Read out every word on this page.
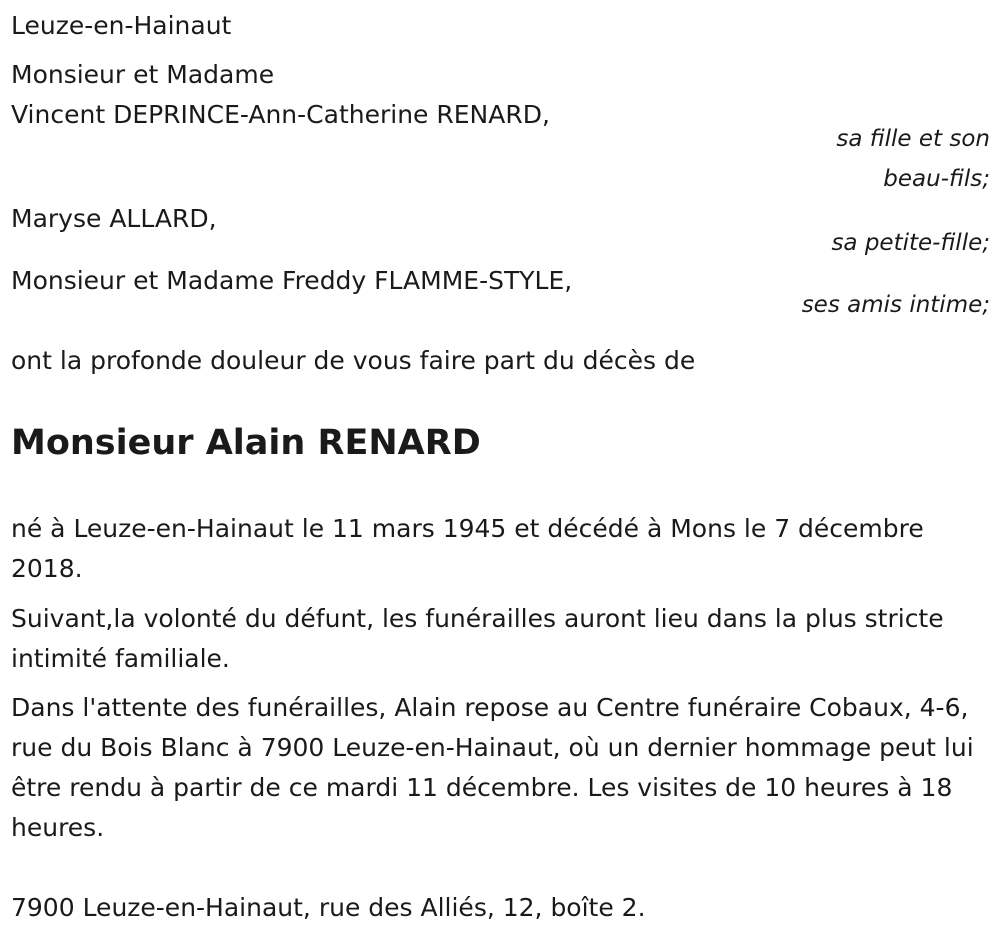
Leuze-en-Hainaut

Monsieur et Madame

Vincent DEPRINCE-Ann-Catherine RENARD,

sa fille et son

beau-fils;

Maryse ALLARD,

sa petite-fille;

Monsieur et Madame Freddy FLAMME-STYLE,

ses amis intime;

ont la profonde douleur de vous faire part du décès de

Monsieur Alain RENARD

né à Leuze-en-Hainaut le 11 mars 1945 et décédé à Mons le 7 décembre 2018.

Suivant,la volonté du défunt, les funérailles auront lieu dans la plus stricte intimité familiale.

Dans l'attente des funérailles, Alain repose au Centre funéraire Cobaux, 4-6, rue du Bois Blanc à 7900 Leuze-en-Hainaut, où un dernier hommage peut lui être rendu à partir de ce mardi 11 décembre. Les visites de 10 heures à 18 heures.

7900 Leuze-en-Hainaut, rue des Alliés, 12, boîte 2.
